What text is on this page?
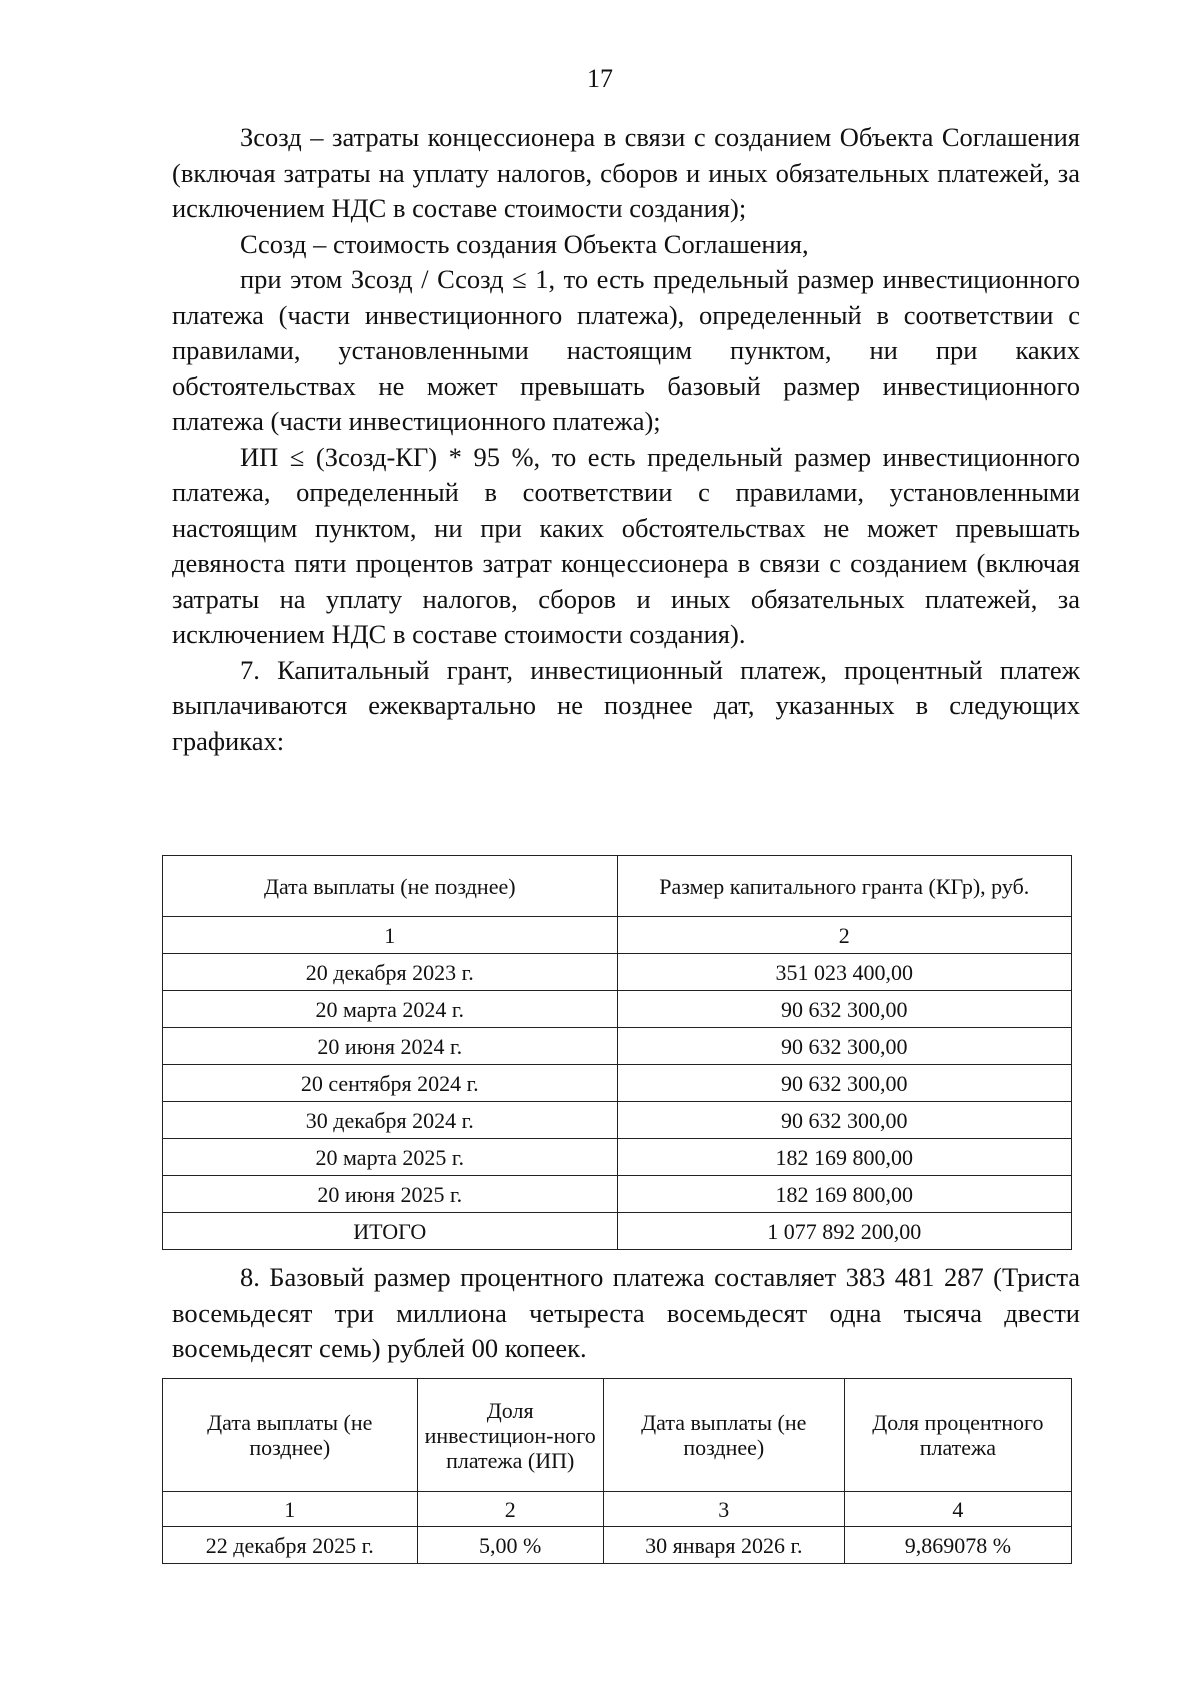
17

Зсозд – затраты концессионера в связи с созданием Объекта Соглашения (включая затраты на уплату налогов, сборов и иных обязательных платежей, за исключением НДС в составе стоимости создания);

Ссозд – стоимость создания Объекта Соглашения,

при этом Зсозд / Ссозд ≤ 1, то есть предельный размер инвестиционного платежа (части инвестиционного платежа), определенный в соответствии с правилами, установленными настоящим пунктом, ни при каких обстоятельствах не может превышать базовый размер инвестиционного платежа (части инвестиционного платежа);

ИП ≤ (Зсозд-КГ) * 95 %, то есть предельный размер инвестиционного платежа, определенный в соответствии с правилами, установленными настоящим пунктом, ни при каких обстоятельствах не может превышать девяноста пяти процентов затрат концессионера в связи с созданием (включая затраты на уплату налогов, сборов и иных обязательных платежей, за исключением НДС в составе стоимости создания).

7. Капитальный грант, инвестиционный платеж, процентный платеж выплачиваются ежеквартально не позднее дат, указанных в следующих графиках:

Дата выплаты (не позднее)	Размер капитального гранта (КГр), руб.
1	2
20 декабря 2023 г.	351 023 400,00
20 марта 2024 г.	90 632 300,00
20 июня 2024 г.	90 632 300,00
20 сентября 2024 г.	90 632 300,00
30 декабря 2024 г.	90 632 300,00
20 марта 2025 г.	182 169 800,00
20 июня 2025 г.	182 169 800,00
ИТОГО	1 077 892 200,00

8. Базовый размер процентного платежа составляет 383 481 287 (Триста восемьдесят три миллиона четыреста восемьдесят одна тысяча двести восемьдесят семь) рублей 00 копеек.

Дата выплаты (не позднее)	Доля инвестицион-ного платежа (ИП)	Дата выплаты (не позднее)	Доля процентного платежа
1	2	3	4
22 декабря 2025 г.	5,00 %	30 января 2026 г.	9,869078 %
